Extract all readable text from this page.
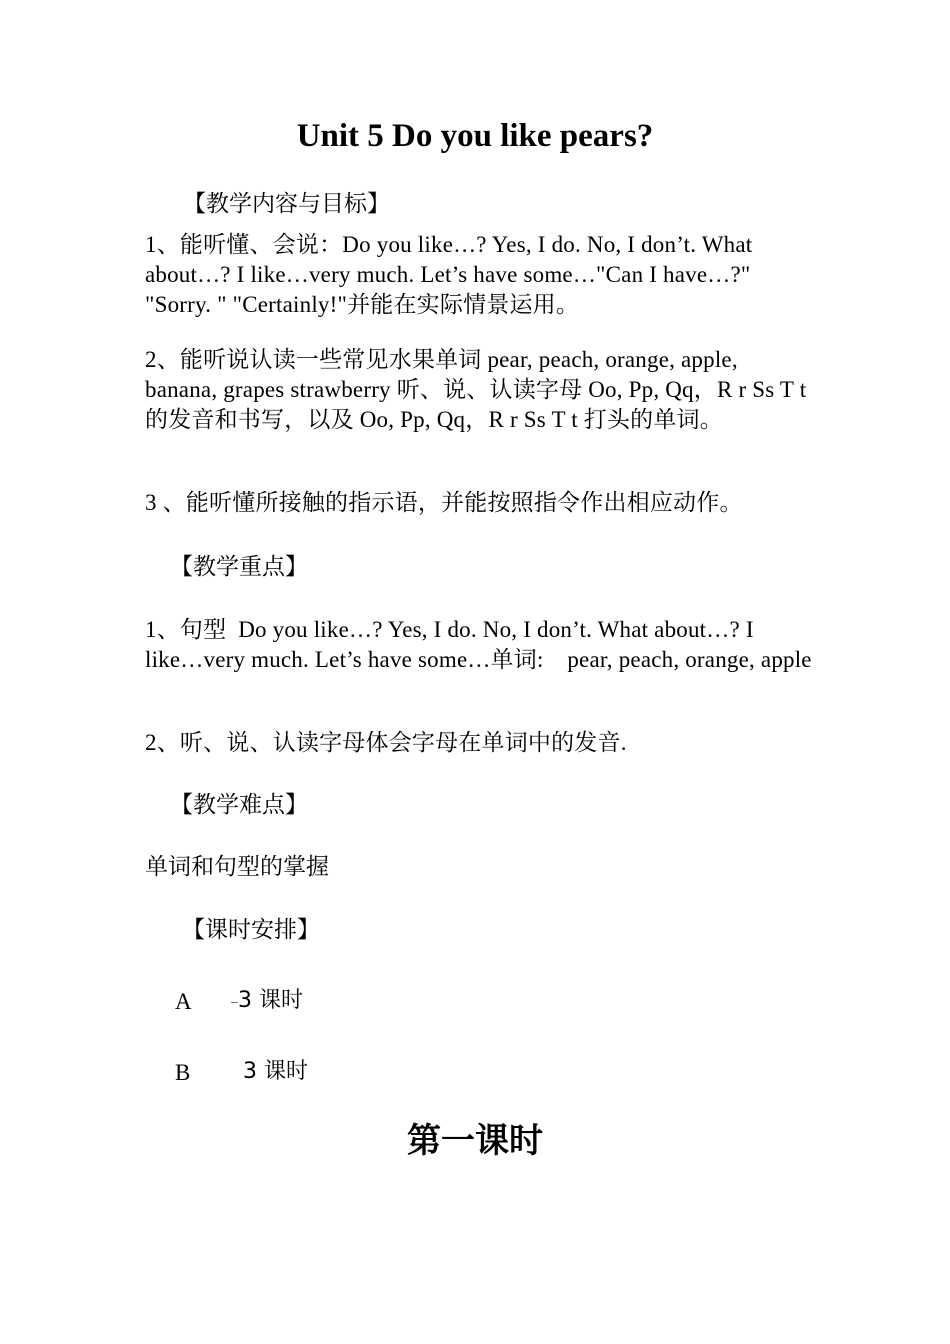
Unit 5 Do you like pears?
【教学内容与目标】
1、能听懂、会说：Do you like…? Yes, I do. No, I don’t. What about…? I like…very much. Let’s have some…"Can I have…?" "Sorry. " "Certainly!"并能在实际情景运用。
2、能听说认读一些常见水果单词 pear, peach, orange, apple, banana, grapes strawberry 听、说、认读字母 Oo, Pp, Qq，R r Ss T t 的发音和书写，以及 Oo, Pp, Qq，R r Ss T t 打头的单词。
3 、能听懂所接触的指示语，并能按照指令作出相应动作。
【教学重点】
1、句型  Do you like…? Yes, I do. No, I don’t. What about…? I like…very much. Let’s have some…单词:    pear, peach, orange, apple
2、听、说、认读字母体会字母在单词中的发音.
【教学难点】
单词和句型的掌握
【课时安排】
A 3 课时
B 3 课时
第一课时
